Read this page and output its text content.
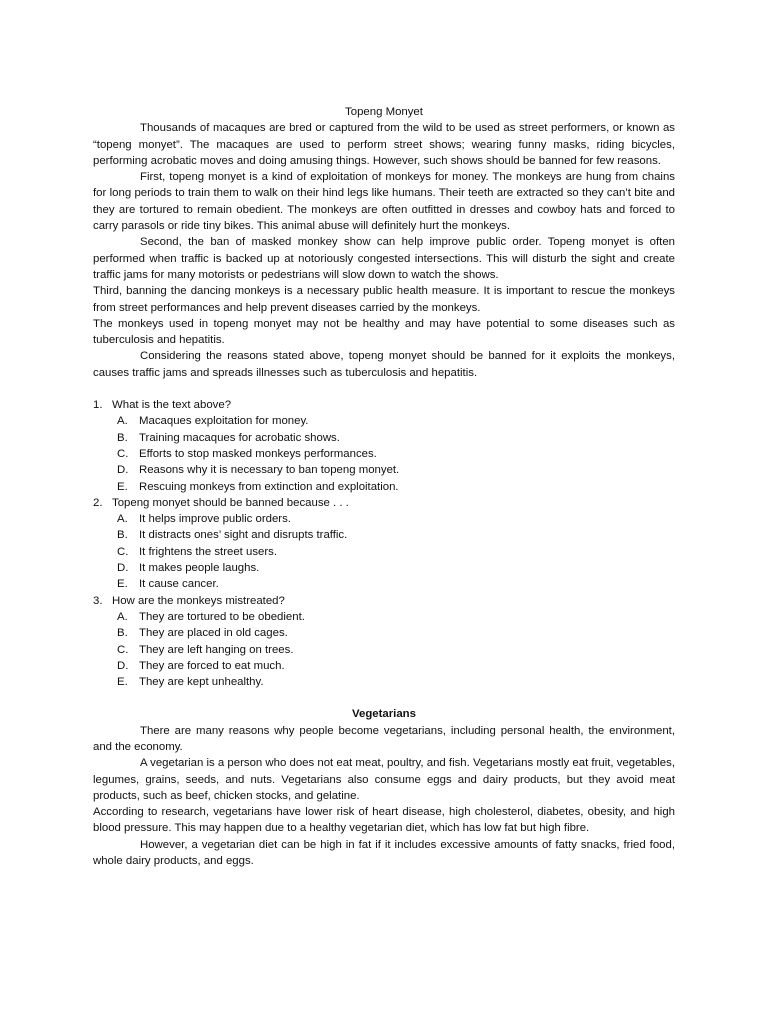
Topeng Monyet

Thousands of macaques are bred or captured from the wild to be used as street performers, or known as “topeng monyet”. The macaques are used to perform street shows; wearing funny masks, riding bicycles, performing acrobatic moves and doing amusing things. However, such shows should be banned for few reasons.

First, topeng monyet is a kind of exploitation of monkeys for money. The monkeys are hung from chains for long periods to train them to walk on their hind legs like humans. Their teeth are extracted so they can’t bite and they are tortured to remain obedient. The monkeys are often outfitted in dresses and cowboy hats and forced to carry parasols or ride tiny bikes. This animal abuse will definitely hurt the monkeys.

Second, the ban of masked monkey show can help improve public order. Topeng monyet is often performed when traffic is backed up at notoriously congested intersections. This will disturb the sight and create traffic jams for many motorists or pedestrians will slow down to watch the shows.

Third, banning the dancing monkeys is a necessary public health measure. It is important to rescue the monkeys from street performances and help prevent diseases carried by the monkeys.

The monkeys used in topeng monyet may not be healthy and may have potential to some diseases such as tuberculosis and hepatitis.

Considering the reasons stated above, topeng monyet should be banned for it exploits the monkeys, causes traffic jams and spreads illnesses such as tuberculosis and hepatitis.

1. What is the text above?
A. Macaques exploitation for money.
B. Training macaques for acrobatic shows.
C. Efforts to stop masked monkeys performances.
D. Reasons why it is necessary to ban topeng monyet.
E. Rescuing monkeys from extinction and exploitation.
2. Topeng monyet should be banned because . . .
A. It helps improve public orders.
B. It distracts ones’ sight and disrupts traffic.
C. It frightens the street users.
D. It makes people laughs.
E. It cause cancer.
3. How are the monkeys mistreated?
A. They are tortured to be obedient.
B. They are placed in old cages.
C. They are left hanging on trees.
D. They are forced to eat much.
E. They are kept unhealthy.

Vegetarians

There are many reasons why people become vegetarians, including personal health, the environment, and the economy.

A vegetarian is a person who does not eat meat, poultry, and fish. Vegetarians mostly eat fruit, vegetables, legumes, grains, seeds, and nuts. Vegetarians also consume eggs and dairy products, but they avoid meat products, such as beef, chicken stocks, and gelatine.

According to research, vegetarians have lower risk of heart disease, high cholesterol, diabetes, obesity, and high blood pressure. This may happen due to a healthy vegetarian diet, which has low fat but high fibre.

However, a vegetarian diet can be high in fat if it includes excessive amounts of fatty snacks, fried food, whole dairy products, and eggs.
